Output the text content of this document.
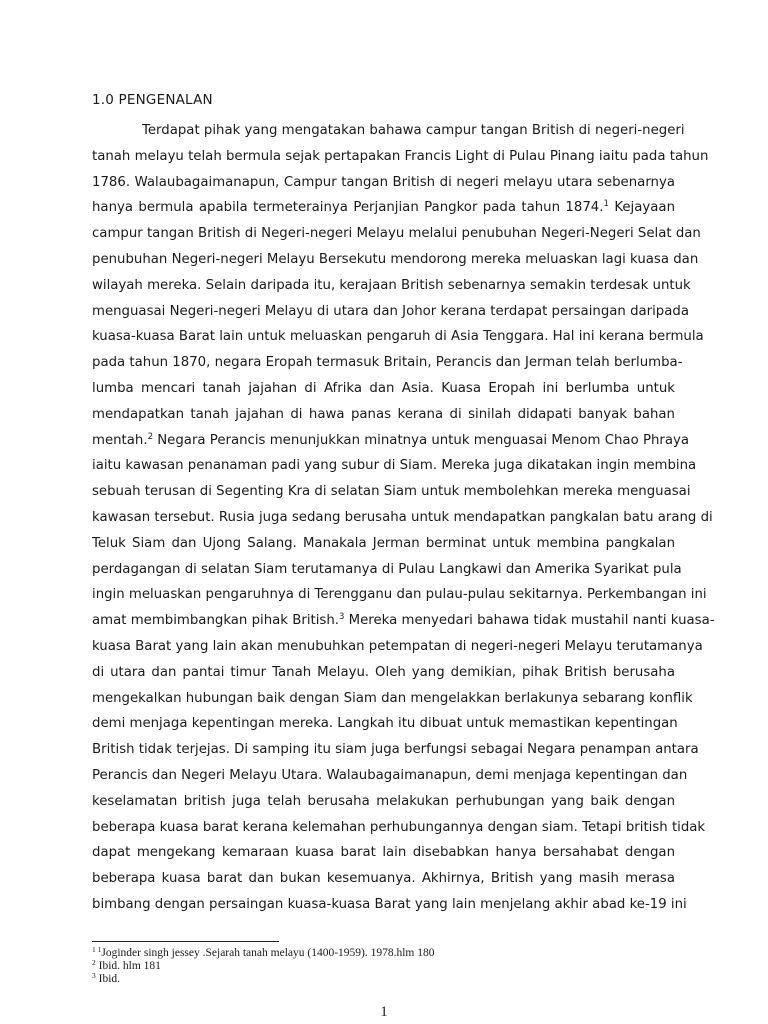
1.0 PENGENALAN
Terdapat pihak yang mengatakan bahawa campur tangan British di negeri-negeri
tanah melayu telah bermula sejak pertapakan Francis Light di Pulau Pinang iaitu pada tahun
1786. Walaubagaimanapun, Campur tangan British di negeri melayu utara sebenarnya
hanya bermula apabila termeterainya Perjanjian Pangkor pada tahun 1874.$^1$ Kejayaan
campur tangan British di Negeri-negeri Melayu melalui penubuhan Negeri-Negeri Selat dan
penubuhan Negeri-negeri Melayu Bersekutu mendorong mereka meluaskan lagi kuasa dan
wilayah mereka. Selain daripada itu, kerajaan British sebenarnya semakin terdesak untuk
menguasai Negeri-negeri Melayu di utara dan Johor kerana terdapat persaingan daripada
kuasa-kuasa Barat lain untuk meluaskan pengaruh di Asia Tenggara. Hal ini kerana bermula
pada tahun 1870, negara Eropah termasuk Britain, Perancis dan Jerman telah berlumba-
lumba mencari tanah jajahan di Afrika dan Asia. Kuasa Eropah ini berlumba untuk
mendapatkan tanah jajahan di hawa panas kerana di sinilah didapati banyak bahan
mentah.$^2$ Negara Perancis menunjukkan minatnya untuk menguasai Menom Chao Phraya
iaitu kawasan penanaman padi yang subur di Siam. Mereka juga dikatakan ingin membina
sebuah terusan di Segenting Kra di selatan Siam untuk membolehkan mereka menguasai
kawasan tersebut. Rusia juga sedang berusaha untuk mendapatkan pangkalan batu arang di
Teluk Siam dan Ujong Salang. Manakala Jerman berminat untuk membina pangkalan
perdagangan di selatan Siam terutamanya di Pulau Langkawi dan Amerika Syarikat pula
ingin meluaskan pengaruhnya di Terengganu dan pulau-pulau sekitarnya. Perkembangan ini
amat membimbangkan pihak British.$^3$ Mereka menyedari bahawa tidak mustahil nanti kuasa-
kuasa Barat yang lain akan menubuhkan petempatan di negeri-negeri Melayu terutamanya
di utara dan pantai timur Tanah Melayu. Oleh yang demikian, pihak British berusaha
mengekalkan hubungan baik dengan Siam dan mengelakkan berlakunya sebarang konflik
demi menjaga kepentingan mereka. Langkah itu dibuat untuk memastikan kepentingan
British tidak terjejas. Di samping itu siam juga berfungsi sebagai Negara penampan antara
Perancis dan Negeri Melayu Utara. Walaubagaimanapun, demi menjaga kepentingan dan
keselamatan british juga telah berusaha melakukan perhubungan yang baik dengan
beberapa kuasa barat kerana kelemahan perhubungannya dengan siam. Tetapi british tidak
dapat mengekang kemaraan kuasa barat lain disebabkan hanya bersahabat dengan
beberapa kuasa barat dan bukan kesemuanya. Akhirnya, British yang masih merasa
bimbang dengan persaingan kuasa-kuasa Barat yang lain menjelang akhir abad ke-19 ini
$^{1 1}$Joginder singh jessey .Sejarah tanah melayu (1400-1959). 1978.hlm 180
$^2$ Ibid. hlm 181
$^3$ Ibid.
1
